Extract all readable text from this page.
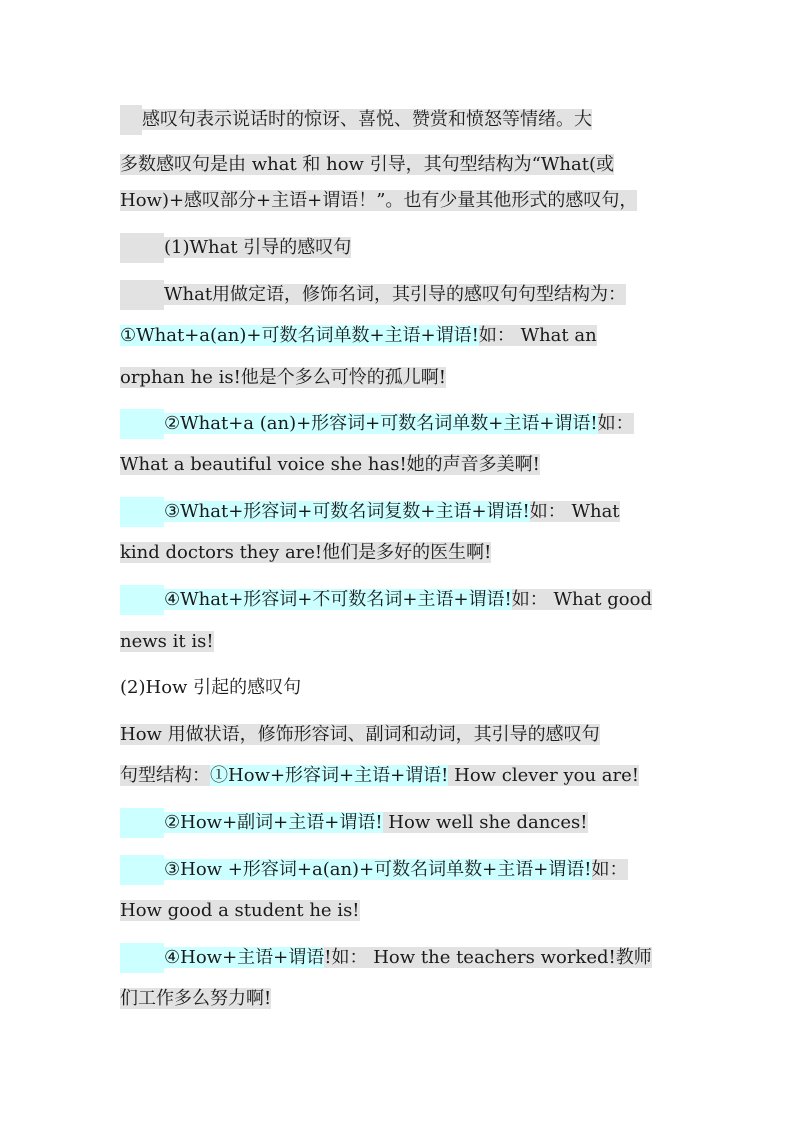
感叹句表示说话时的惊讶、喜悦、赞赏和愤怒等情绪。大
多数感叹句是由 what 和 how 引导，其句型结构为“What(或
How)+感叹部分+主语+谓语！”。也有少量其他形式的感叹句，
(1)What 引导的感叹句
What用做定语，修饰名词，其引导的感叹句句型结构为：
①What+a(an)+可数名词单数+主语+谓语!如： What an
orphan he is!他是个多么可怜的孤儿啊!
②What+a (an)+形容词+可数名词单数+主语+谓语!如：
What a beautiful voice she has!她的声音多美啊!
③What+形容词+可数名词复数+主语+谓语!如： What
kind doctors they are!他们是多好的医生啊!
④What+形容词+不可数名词+主语+谓语!如： What good
news it is!
(2)How 引起的感叹句
How 用做状语，修饰形容词、副词和动词，其引导的感叹句
句型结构：①How+形容词+主语+谓语! How clever you are!
②How+副词+主语+谓语! How well she dances!
③How +形容词+a(an)+可数名词单数+主语+谓语!如：
How good a student he is!
④How+主语+谓语!如： How the teachers worked!教师
们工作多么努力啊!
